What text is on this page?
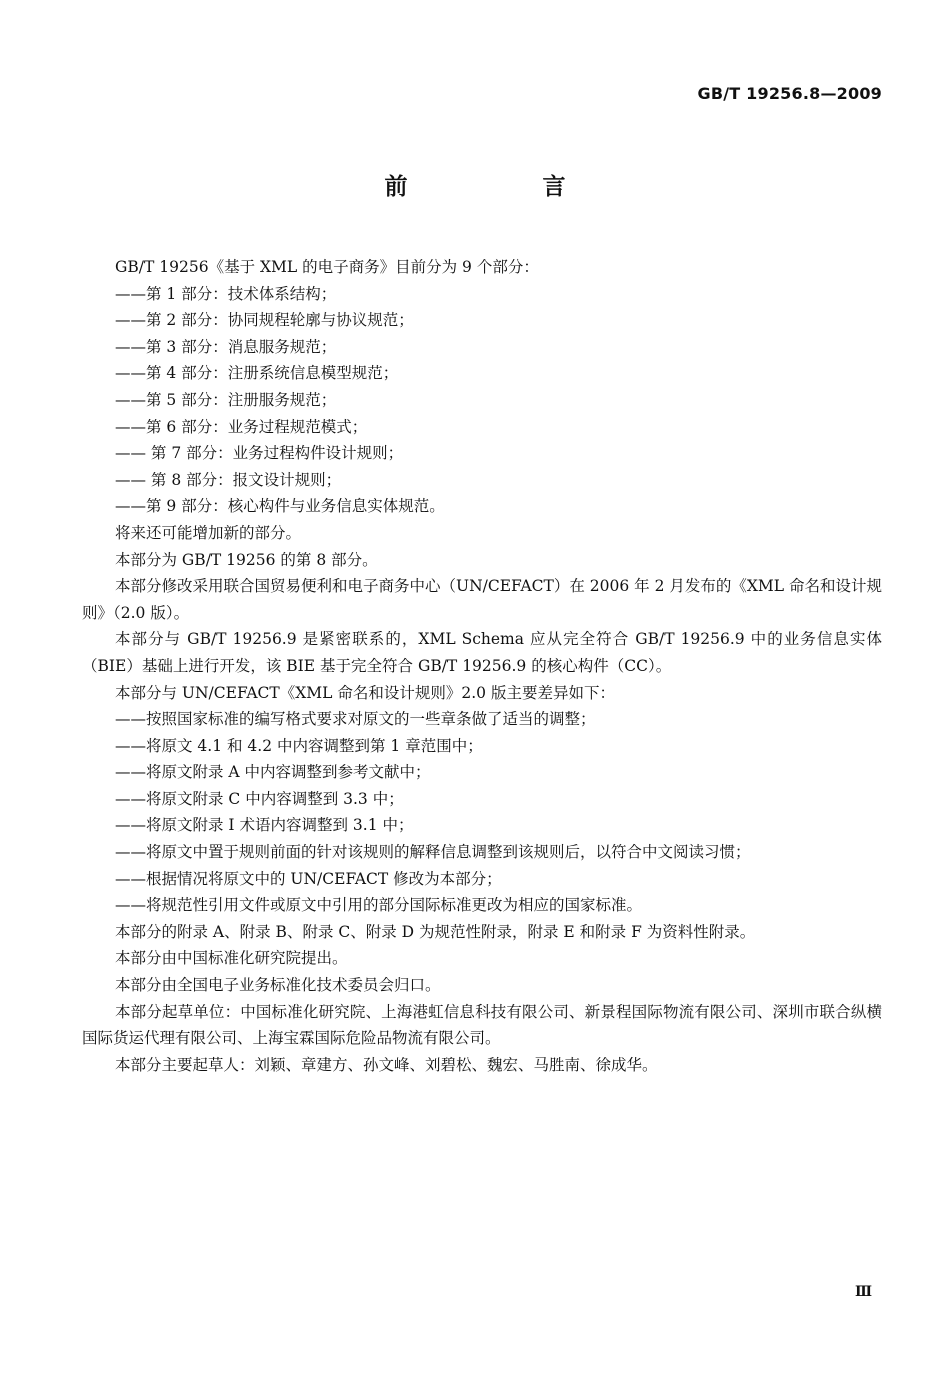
GB/T 19256.8—2009
前　言

GB/T 19256《基于 XML 的电子商务》目前分为 9 个部分：

——第 1 部分：技术体系结构；

——第 2 部分：协同规程轮廓与协议规范；

——第 3 部分：消息服务规范；

——第 4 部分：注册系统信息模型规范；

——第 5 部分：注册服务规范；

——第 6 部分：业务过程规范模式；

—— 第 7 部分：业务过程构件设计规则；

—— 第 8 部分：报文设计规则；

——第 9 部分：核心构件与业务信息实体规范。

将来还可能增加新的部分。

本部分为 GB/T 19256 的第 8 部分。

本部分修改采用联合国贸易便利和电子商务中心（UN/CEFACT）在 2006 年 2 月发布的《XML 命名和设计规则》（2.0 版）。

本部分与 GB/T 19256.9 是紧密联系的，XML Schema 应从完全符合 GB/T 19256.9 中的业务信息实体（BIE）基础上进行开发，该 BIE 基于完全符合 GB/T 19256.9 的核心构件（CC）。

本部分与 UN/CEFACT《XML 命名和设计规则》2.0 版主要差异如下：

——按照国家标准的编写格式要求对原文的一些章条做了适当的调整；

——将原文 4.1 和 4.2 中内容调整到第 1 章范围中；

——将原文附录 A 中内容调整到参考文献中；

——将原文附录 C 中内容调整到 3.3 中；

——将原文附录 I 术语内容调整到 3.1 中；

——将原文中置于规则前面的针对该规则的解释信息调整到该规则后，以符合中文阅读习惯；

——根据情况将原文中的 UN/CEFACT 修改为本部分；

——将规范性引用文件或原文中引用的部分国际标准更改为相应的国家标准。

本部分的附录 A、附录 B、附录 C、附录 D 为规范性附录，附录 E 和附录 F 为资料性附录。

本部分由中国标准化研究院提出。

本部分由全国电子业务标准化技术委员会归口。

本部分起草单位：中国标准化研究院、上海港虹信息科技有限公司、新景程国际物流有限公司、深圳市联合纵横国际货运代理有限公司、上海宝霖国际危险品物流有限公司。

本部分主要起草人：刘颖、章建方、孙文峰、刘碧松、魏宏、马胜南、徐成华。

Ⅲ
